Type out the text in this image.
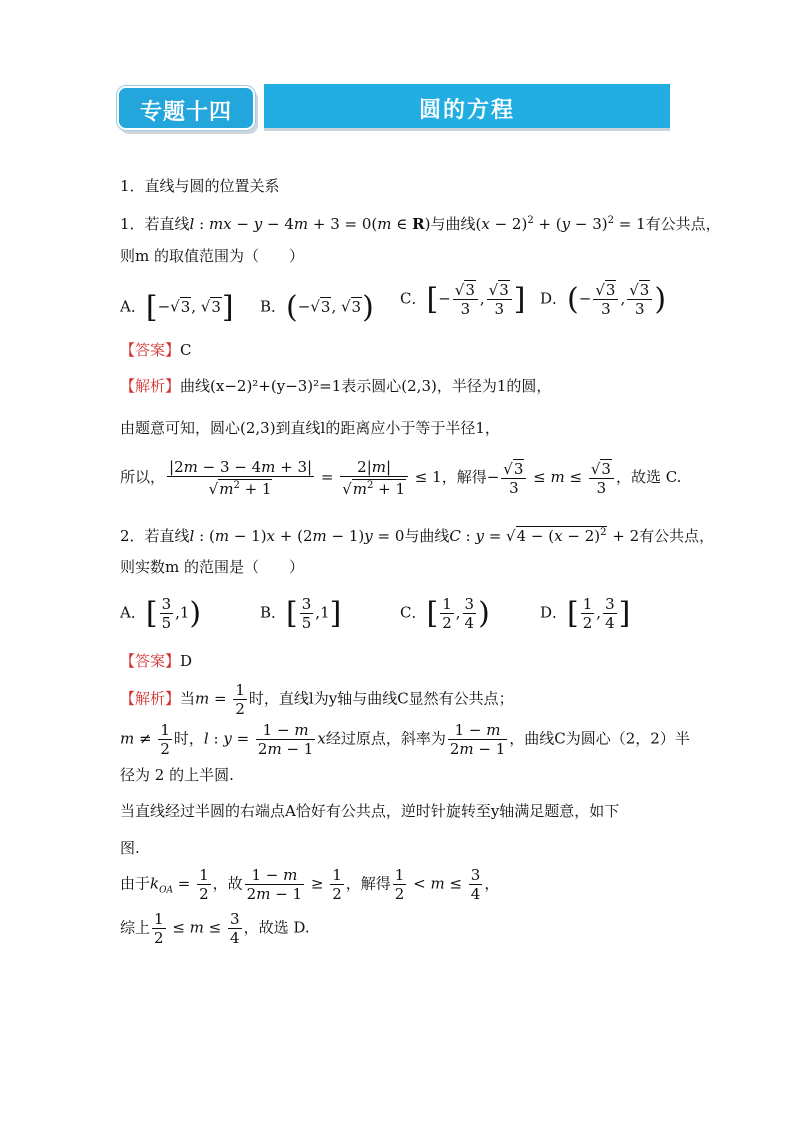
专题十四	圆的方程
1．直线与圆的位置关系
1．若直线l : mx − y − 4m + 3 = 0(m ∈ R)与曲线$(x - 2)^2 + (y - 3)^2 = 1$有公共点，
则m 的取值范围为（　　）
A．[−√3, √3] B．(−√3, √3) C．[− $\frac{√3}{3}$ , $\frac{√3}{3}$ ] D．(− $\frac{√3}{3}$ , $\frac{√3}{3}$ )
【答案】C
【解析】曲线(x−2)²+(y−3)²=1表示圆心(2,3)，半径为1的圆，
由题意可知，圆心(2,3)到直线l的距离应小于等于半径1，
所以， $\frac{|2m - 3 - 4m + 3|}{√m^2 + 1} = \frac{2|m|}{√m^2 + 1} \le 1$，解得− $\frac{√3}{3} \le m \le \frac{√3}{3}$ ，故选 C.
2．若直线l : (m − 1)x + (2m − 1)y = 0与曲线C : $y = √4 - (x - 2)^2 + 2$有公共点，
则实数m 的范围是（　　）
A．[ $\frac{3}{5} ,1$)	B．[ $\frac{3}{5} ,1$]	C．[ $\frac{1}{2}$ , $\frac{3}{4}$ )	D．[ $\frac{1}{2}$ , $\frac{3}{4}$ ]
【答案】D
【解析】当$m = \frac{1}{2}$ 时，直线l为y轴与曲线C显然有公共点；
$m \ne \frac{1}{2}$ 时，l : $y = \frac{1 - m}{2m - 1}$ x经过原点，斜率为 $\frac{1 - m}{2m - 1}$ ，曲线C为圆心（2，2）半
径为 2 的上半圆.
当直线经过半圆的右端点A恰好有公共点，逆时针旋转至y轴满足题意，如下
图.
由于$k_{OA} = \frac{1}{2}$ ，故 $\frac{1 - m}{2m - 1} \ge \frac{1}{2}$ ，解得 $\frac{1}{2} < m \le \frac{3}{4}$ ，
综上 $\frac{1}{2} \le m \le \frac{3}{4}$ ，故选 D.
